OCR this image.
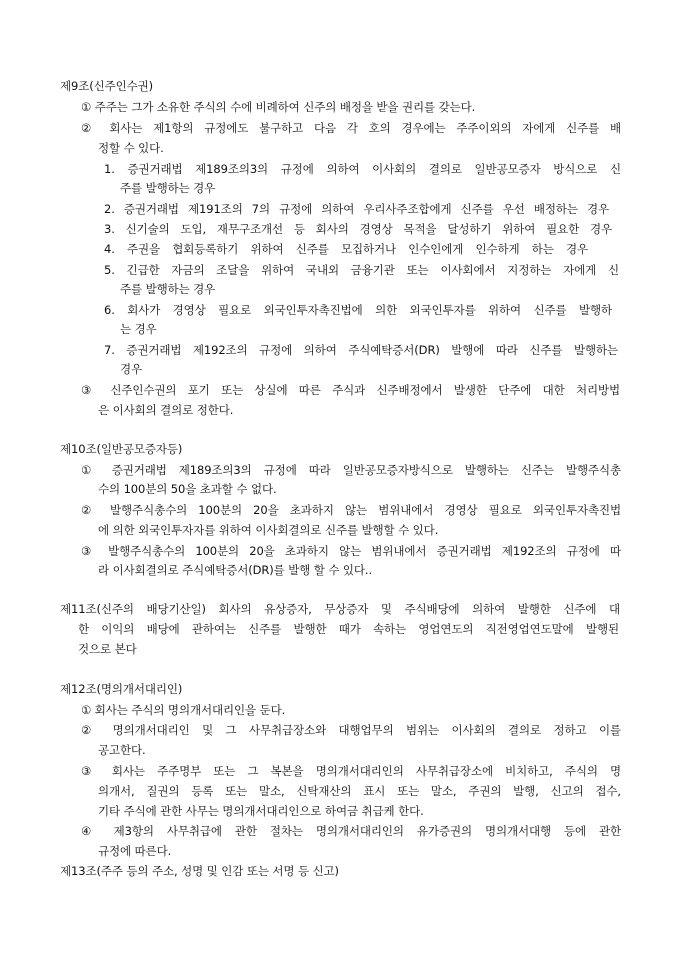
제9조(신주인수권)
① 주주는 그가 소유한 주식의 수에 비례하여 신주의 배정을 받을 권리를 갖는다.
② 회사는 제1항의 규정에도 불구하고 다음 각 호의 경우에는 주주이외의 자에게 신주를 배
정할 수 있다.
1. 증권거래법 제189조의3의 규정에 의하여 이사회의 결의로 일반공모증자 방식으로 신
주를 발행하는 경우
2. 증권거래법 제191조의 7의 규정에 의하여 우리사주조합에게 신주를 우선 배정하는 경우
3. 신기술의 도입, 재무구조개선 등 회사의 경영상 목적을 달성하기 위하여 필요한 경우
4. 주권을 협회등록하기 위하여 신주를 모집하거나 인수인에게 인수하게 하는 경우
5. 긴급한 자금의 조달을 위하여 국내외 금융기관 또는 이사회에서 지정하는 자에게 신
주를 발행하는 경우
6. 회사가 경영상 필요로 외국인투자촉진법에 의한 외국인투자를 위하여 신주를 발행하
는 경우
7. 증권거래법 제192조의 규정에 의하여 주식예탁증서(DR) 발행에 따라 신주를 발행하는
경우
③ 신주인수권의 포기 또는 상실에 따른 주식과 신주배정에서 발생한 단주에 대한 처리방법
은 이사회의 결의로 정한다.
제10조(일반공모증자등)
① 증권거래법 제189조의3의 규정에 따라 일반공모증자방식으로 발행하는 신주는 발행주식총
수의 100분의 50을 초과할 수 없다.
② 발행주식총수의 100분의 20을 초과하지 않는 범위내에서 경영상 필요로 외국인투자촉진법
에 의한 외국인투자자를 위하여 이사회결의로 신주를 발행할 수 있다.
③ 발행주식총수의 100분의 20을 초과하지 않는 범위내에서 증권거래법 제192조의 규정에 따
라 이사회결의로 주식예탁증서(DR)를 발행 할 수 있다..
제11조(신주의 배당기산일) 회사의 유상증자, 무상증자 및 주식배당에 의하여 발행한 신주에 대
한 이익의 배당에 관하여는 신주를 발행한 때가 속하는 영업연도의 직전영업연도말에 발행된
것으로 본다
제12조(명의개서대리인)
① 회사는 주식의 명의개서대리인을 둔다.
② 명의개서대리인 및 그 사무취급장소와 대행업무의 범위는 이사회의 결의로 정하고 이를
공고한다.
③ 회사는 주주명부 또는 그 복본을 명의개서대리인의 사무취급장소에 비치하고, 주식의 명
의개서, 질권의 등록 또는 말소, 신탁재산의 표시 또는 말소, 주권의 발행, 신고의 접수,
기타 주식에 관한 사무는 명의개서대리인으로 하여금 취급케 한다.
④ 제3항의 사무취급에 관한 절차는 명의개서대리인의 유가증권의 명의개서대행 등에 관한
규정에 따른다.
제13조(주주 등의 주소, 성명 및 인감 또는 서명 등 신고)
